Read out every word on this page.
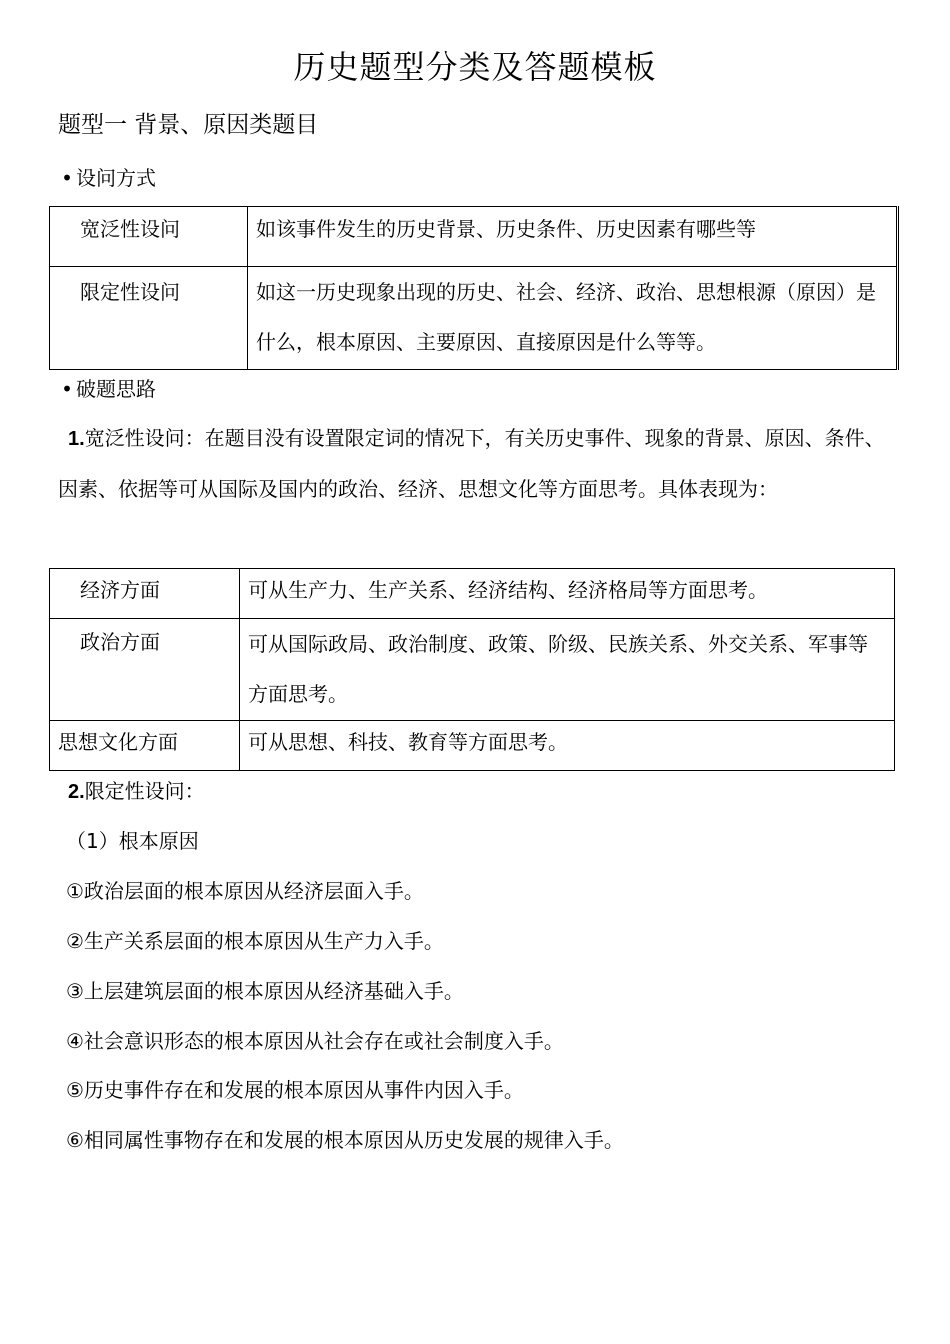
历史题型分类及答题模板
题型一 背景、原因类题目
• 设问方式
宽泛性设问	如该事件发生的历史背景、历史条件、历史因素有哪些等
限定性设问	如这一历史现象出现的历史、社会、经济、政治、思想根源（原因）是什么，根本原因、主要原因、直接原因是什么等等。
• 破题思路
1.宽泛性设问：在题目没有设置限定词的情况下，有关历史事件、现象的背景、原因、条件、因素、依据等可从国际及国内的政治、经济、思想文化等方面思考。具体表现为：
经济方面	可从生产力、生产关系、经济结构、经济格局等方面思考。
政治方面	可从国际政局、政治制度、政策、阶级、民族关系、外交关系、军事等方面思考。
思想文化方面	可从思想、科技、教育等方面思考。
2.限定性设问：
（1）根本原因
①政治层面的根本原因从经济层面入手。
②生产关系层面的根本原因从生产力入手。
③上层建筑层面的根本原因从经济基础入手。
④社会意识形态的根本原因从社会存在或社会制度入手。
⑤历史事件存在和发展的根本原因从事件内因入手。
⑥相同属性事物存在和发展的根本原因从历史发展的规律入手。
